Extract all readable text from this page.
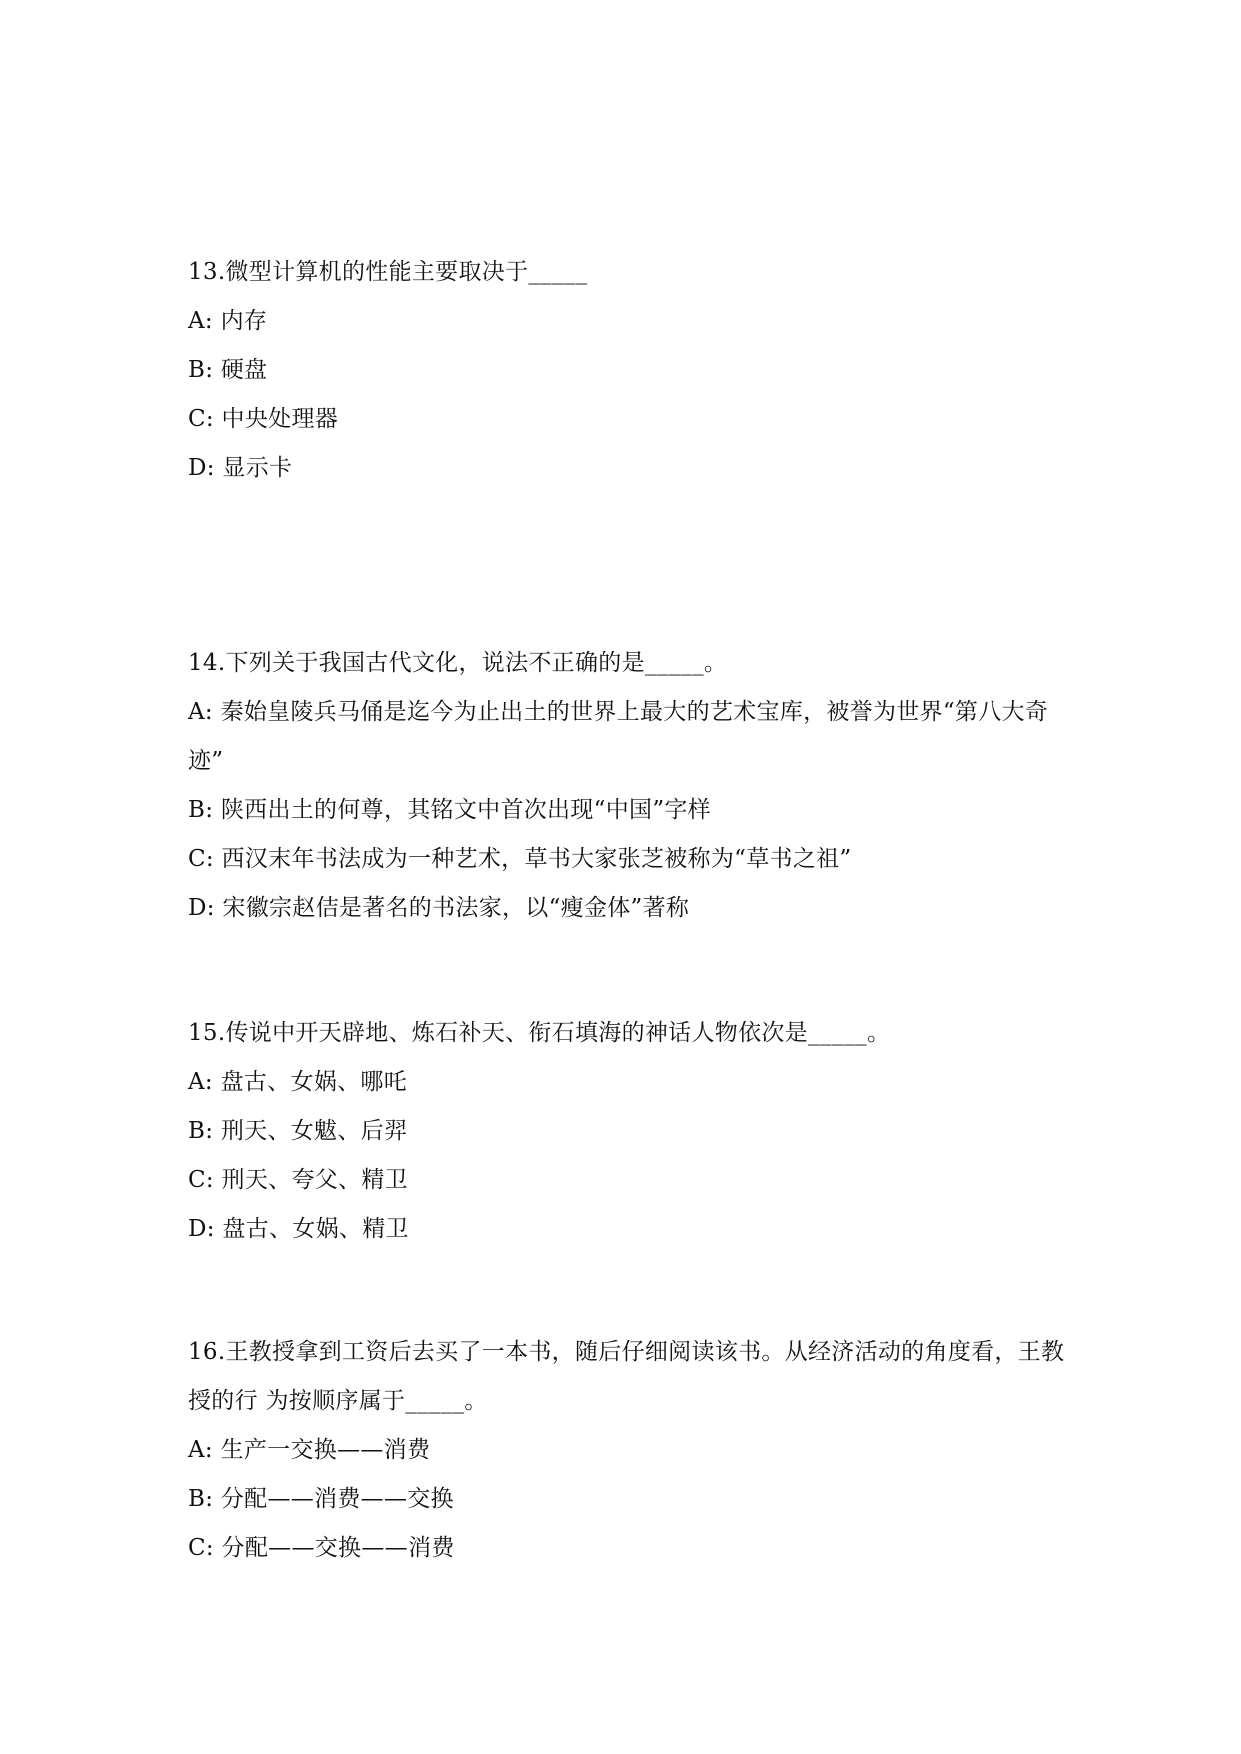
13.微型计算机的性能主要取决于_____
A: 内存
B: 硬盘
C: 中央处理器
D: 显示卡
14.下列关于我国古代文化，说法不正确的是_____。
A: 秦始皇陵兵马俑是迄今为止出土的世界上最大的艺术宝库，被誉为世界“第八大奇迹”
B: 陕西出土的何尊，其铭文中首次出现“中国”字样
C: 西汉末年书法成为一种艺术，草书大家张芝被称为“草书之祖”
D: 宋徽宗赵佶是著名的书法家，以“瘦金体”著称
15.传说中开天辟地、炼石补天、衔石填海的神话人物依次是_____。
A: 盘古、女娲、哪吒
B: 刑天、女魃、后羿
C: 刑天、夸父、精卫
D: 盘古、女娲、精卫
16.王教授拿到工资后去买了一本书，随后仔细阅读该书。从经济活动的角度看，王教授的行 为按顺序属于_____。
A: 生产一交换——消费
B: 分配——消费——交换
C: 分配——交换——消费
